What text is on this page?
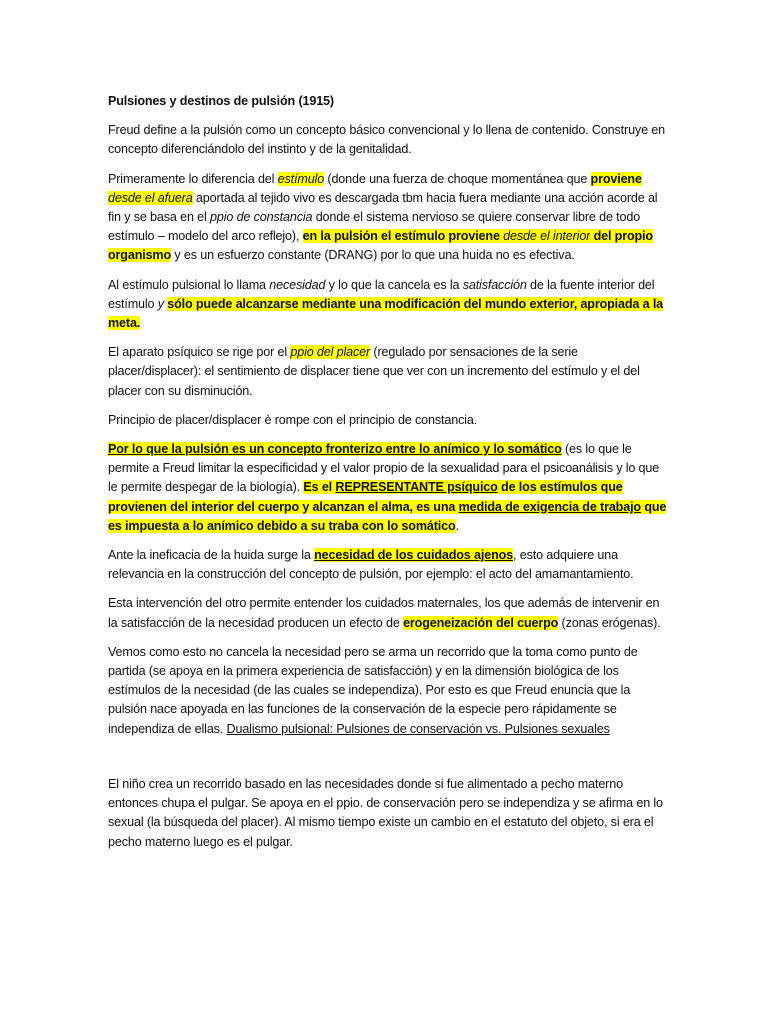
Pulsiones y destinos de pulsión (1915)

Freud define a la pulsión como un concepto básico convencional y lo llena de contenido. Construye en concepto diferenciándolo del instinto y de la genitalidad.

Primeramente lo diferencia del estímulo (donde una fuerza de choque momentánea que proviene desde el afuera aportada al tejido vivo es descargada tbm hacia fuera mediante una acción acorde al fin y se basa en el ppio de constancia donde el sistema nervioso se quiere conservar libre de todo estímulo – modelo del arco reflejo), en la pulsión el estímulo proviene desde el interior del propio organismo y es un esfuerzo constante (DRANG) por lo que una huida no es efectiva.

Al estímulo pulsional lo llama necesidad y lo que la cancela es la satisfacción de la fuente interior del estímulo y sólo puede alcanzarse mediante una modificación del mundo exterior, apropiada a la meta.

El aparato psíquico se rige por el ppio del placer (regulado por sensaciones de la serie placer/displacer): el sentimiento de displacer tiene que ver con un incremento del estímulo y el del placer con su disminución.

Principio de placer/displacer è rompe con el principio de constancia.

Por lo que la pulsión es un concepto fronterizo entre lo anímico y lo somático (es lo que le permite a Freud limitar la especificidad y el valor propio de la sexualidad para el psicoanálisis y lo que le permite despegar de la biología). Es el REPRESENTANTE psíquico de los estímulos que provienen del interior del cuerpo y alcanzan el alma, es una medida de exigencia de trabajo que es impuesta a lo anímico debido a su traba con lo somático.

Ante la ineficacia de la huida surge la necesidad de los cuidados ajenos, esto adquiere una relevancia en la construcción del concepto de pulsión, por ejemplo: el acto del amamantamiento.

Esta intervención del otro permite entender los cuidados maternales, los que además de intervenir en la satisfacción de la necesidad producen un efecto de erogeneización del cuerpo (zonas erógenas).

Vemos como esto no cancela la necesidad pero se arma un recorrido que la toma como punto de partida (se apoya en la primera experiencia de satisfacción) y en la dimensión biológica de los estímulos de la necesidad (de las cuales se independiza). Por esto es que Freud enuncia que la pulsión nace apoyada en las funciones de la conservación de la especie pero rápidamente se independiza de ellas. Dualismo pulsional: Pulsiones de conservación vs. Pulsiones sexuales

El niño crea un recorrido basado en las necesidades donde si fue alimentado a pecho materno entonces chupa el pulgar. Se apoya en el ppio. de conservación pero se independiza y se afirma en lo sexual (la búsqueda del placer). Al mismo tiempo existe un cambio en el estatuto del objeto, si era el pecho materno luego es el pulgar.
